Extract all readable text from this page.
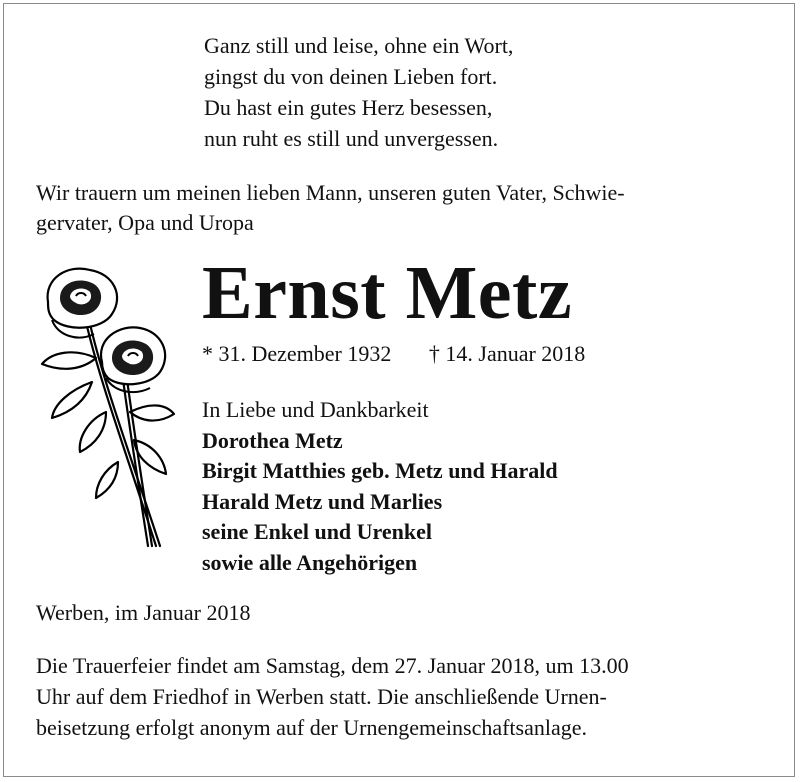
Ganz still und leise, ohne ein Wort,
gingst du von deinen Lieben fort.
Du hast ein gutes Herz besessen,
nun ruht es still und unvergessen.
Wir trauern um meinen lieben Mann, unseren guten Vater, Schwie-
gervater, Opa und Uropa
Ernst Metz
* 31. Dezember 1932 † 14. Januar 2018
In Liebe und Dankbarkeit
Dorothea Metz
Birgit Matthies geb. Metz und Harald
Harald Metz und Marlies
seine Enkel und Urenkel
sowie alle Angehörigen
Werben, im Januar 2018
Die Trauerfeier findet am Samstag, dem 27. Januar 2018, um 13.00
Uhr auf dem Friedhof in Werben statt. Die anschließende Urnen-
beisetzung erfolgt anonym auf der Urnengemeinschaftsanlage.
